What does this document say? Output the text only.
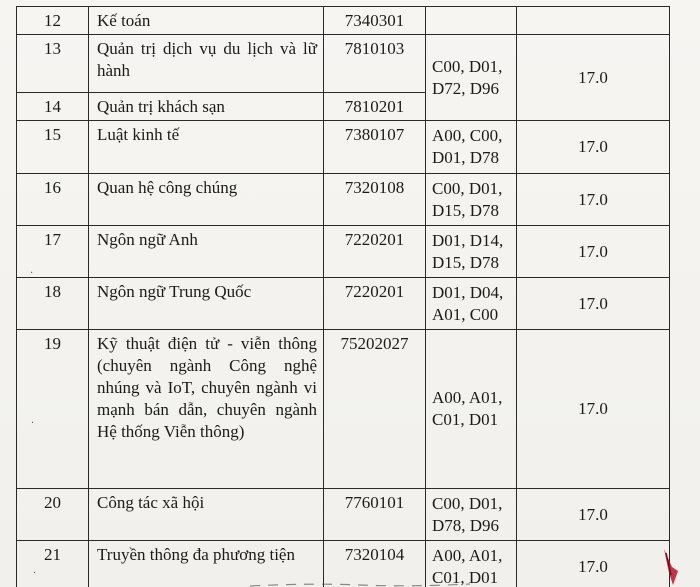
12	Kế toán	7340301		
13	Quản trị dịch vụ du lịch và lữ hành	7810103	C00, D01,
D72, D96	17.0
14	Quản trị khách sạn	7810201		
15	Luật kinh tế	7380107	A00, C00,
D01, D78	17.0
16	Quan hệ công chúng	7320108	C00, D01,
D15, D78	17.0
17	Ngôn ngữ Anh	7220201	D01, D14,
D15, D78	17.0
18	Ngôn ngữ Trung Quốc	7220201	D01, D04,
A01, C00	17.0
19	Kỹ thuật điện tử - viễn thông (chuyên ngành Công nghệ nhúng và IoT, chuyên ngành vi mạnh bán dẫn, chuyên ngành Hệ thống Viễn thông)	75202027	A00, A01,
C01, D01	17.0
20	Công tác xã hội	7760101	C00, D01,
D78, D96	17.0
21	Truyền thông đa phương tiện	7320104	A00, A01,
C01, D01	17.0
·
·
·
